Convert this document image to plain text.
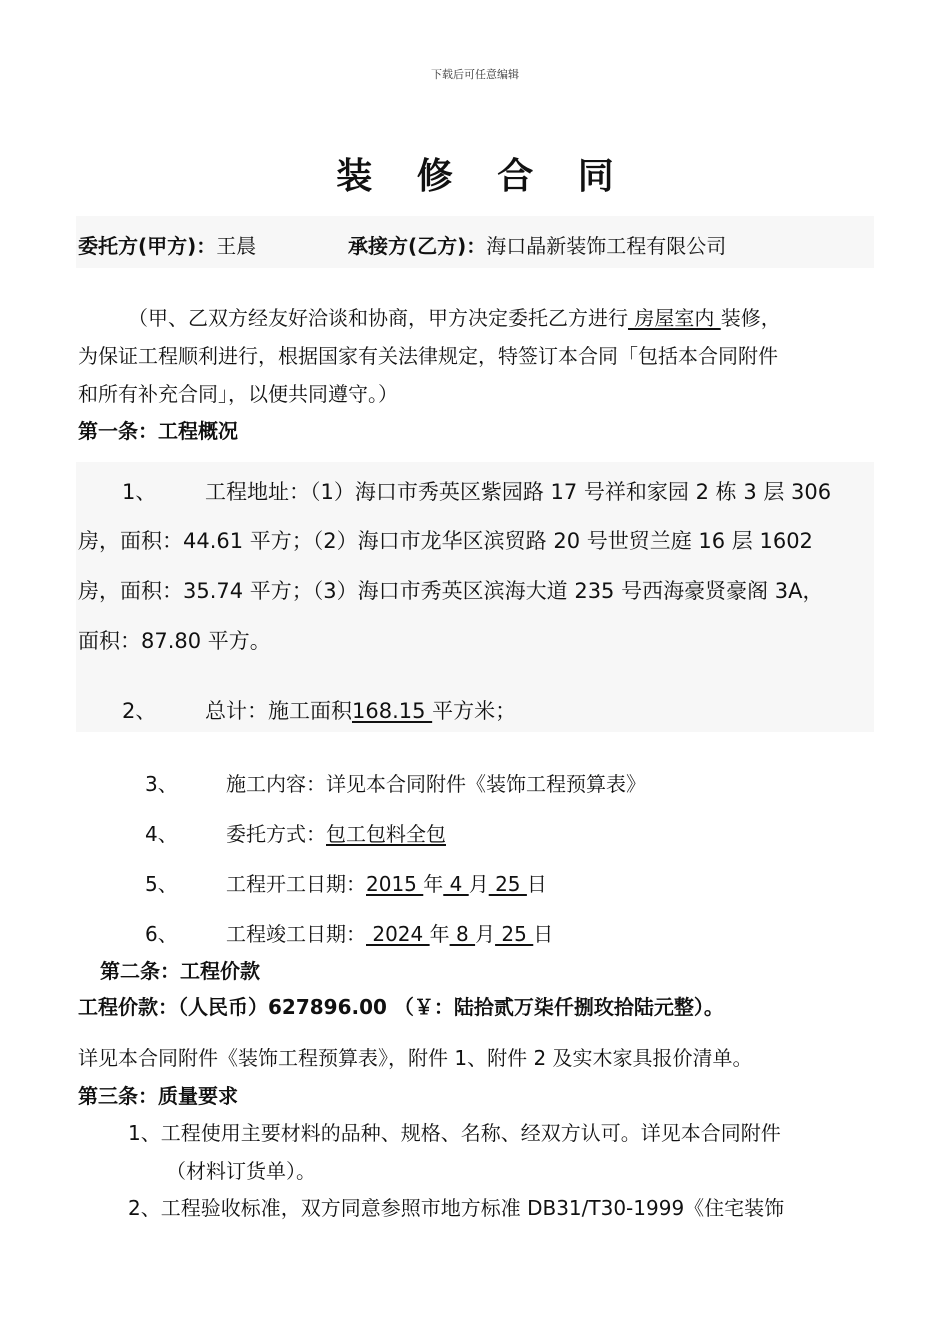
下载后可任意编辑
装 修 合 同
委托方(甲方)：王晨	承接方(乙方)：海口晶新装饰工程有限公司
（甲、乙双方经友好洽谈和协商，甲方决定委托乙方进行 房屋室内 装修，
为保证工程顺利进行，根据国家有关法律规定，特签订本合同「包括本合同附件
和所有补充合同」，以便共同遵守。）
第一条：工程概况
1、 工程地址：（1）海口市秀英区紫园路 17 号祥和家园 2 栋 3 层 306
房，面积：44.61 平方；（2）海口市龙华区滨贸路 20 号世贸兰庭 16 层 1602
房，面积：35.74 平方；（3）海口市秀英区滨海大道 235 号西海豪贤豪阁 3A，
面积：87.80 平方。
2、 总计：施工面积168.15 平方米；
3、 施工内容：详见本合同附件《装饰工程预算表》
4、 委托方式：包工包料全包
5、 工程开工日期：2015 年 4 月 25 日
6、 工程竣工日期： 2024 年 8 月 25 日
第二条：工程价款
工程价款：（人民币）627896.00 （￥：陆拾贰万柒仟捌玫拾陆元整）。
详见本合同附件《装饰工程预算表》，附件 1、附件 2 及实木家具报价清单。
第三条：质量要求
1、工程使用主要材料的品种、规格、名称、经双方认可。详见本合同附件
（材料订货单）。
2、工程验收标准，双方同意参照市地方标准 DB31/T30-1999《住宅装饰
